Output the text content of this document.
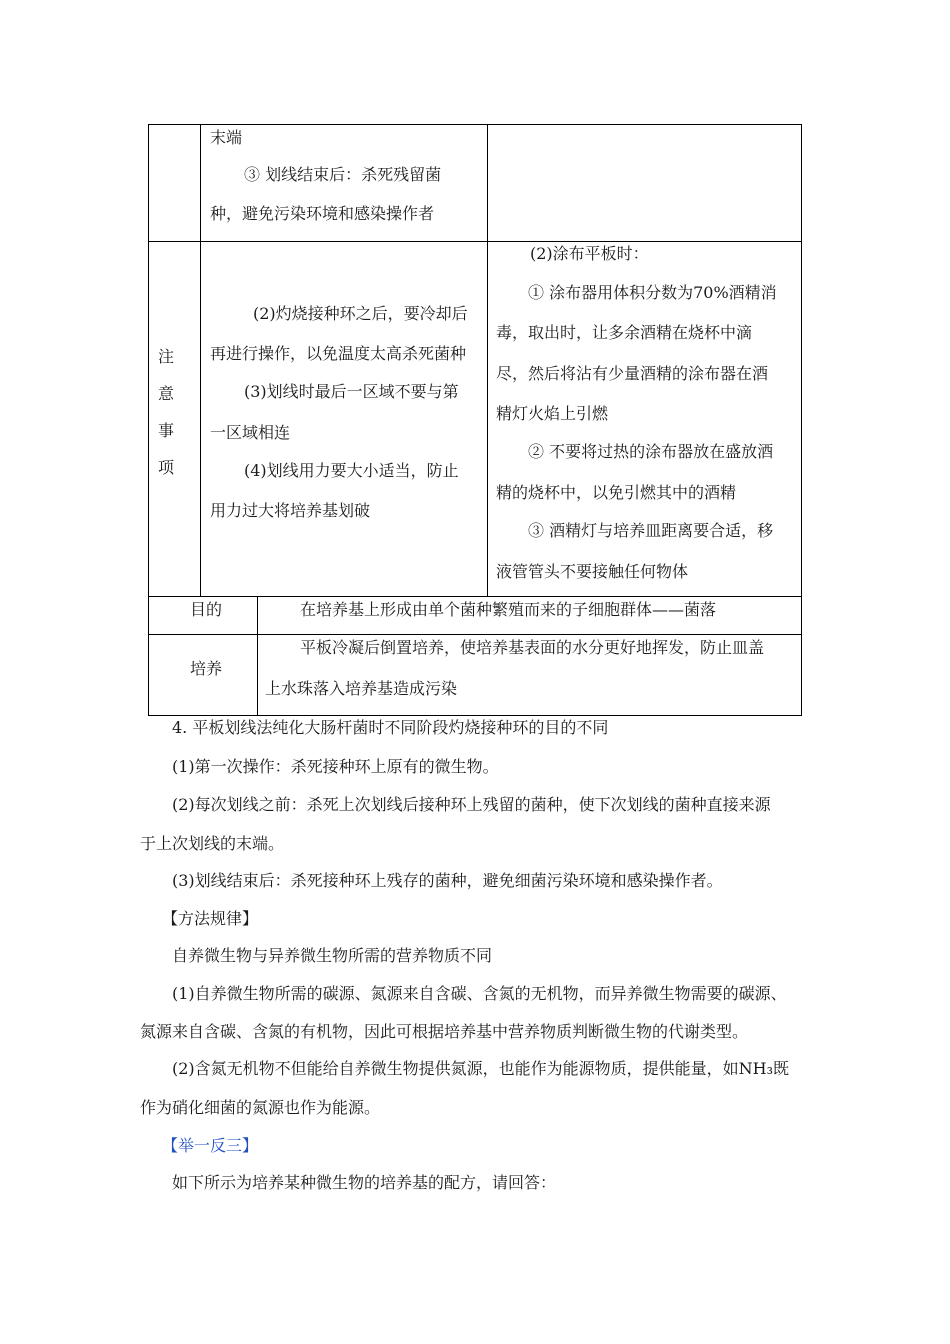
末端
③ 划线结束后：杀死残留菌
种，避免污染环境和感染操作者
注
意
事
项
(2)灼烧接种环之后，要冷却后
再进行操作，以免温度太高杀死菌种
(3)划线时最后一区域不要与第
一区域相连
(4)划线用力要大小适当，防止
用力过大将培养基划破
(2)涂布平板时：
① 涂布器用体积分数为70%酒精消
毒，取出时，让多余酒精在烧杯中滴
尽，然后将沾有少量酒精的涂布器在酒
精灯火焰上引燃
② 不要将过热的涂布器放在盛放酒
精的烧杯中，以免引燃其中的酒精
③ 酒精灯与培养皿距离要合适，移
液管管头不要接触任何物体
目的	在培养基上形成由单个菌种繁殖而来的子细胞群体——菌落
培养
平板冷凝后倒置培养，使培养基表面的水分更好地挥发，防止皿盖
上水珠落入培养基造成污染
4. 平板划线法纯化大肠杆菌时不同阶段灼烧接种环的目的不同
(1)第一次操作：杀死接种环上原有的微生物。
(2)每次划线之前：杀死上次划线后接种环上残留的菌种，使下次划线的菌种直接来源
于上次划线的末端。
(3)划线结束后：杀死接种环上残存的菌种，避免细菌污染环境和感染操作者。
【方法规律】
自养微生物与异养微生物所需的营养物质不同
(1)自养微生物所需的碳源、氮源来自含碳、含氮的无机物，而异养微生物需要的碳源、
氮源来自含碳、含氮的有机物，因此可根据培养基中营养物质判断微生物的代谢类型。
(2)含氮无机物不但能给自养微生物提供氮源，也能作为能源物质，提供能量，如NH₃既
作为硝化细菌的氮源也作为能源。
【举一反三】
如下所示为培养某种微生物的培养基的配方，请回答：
